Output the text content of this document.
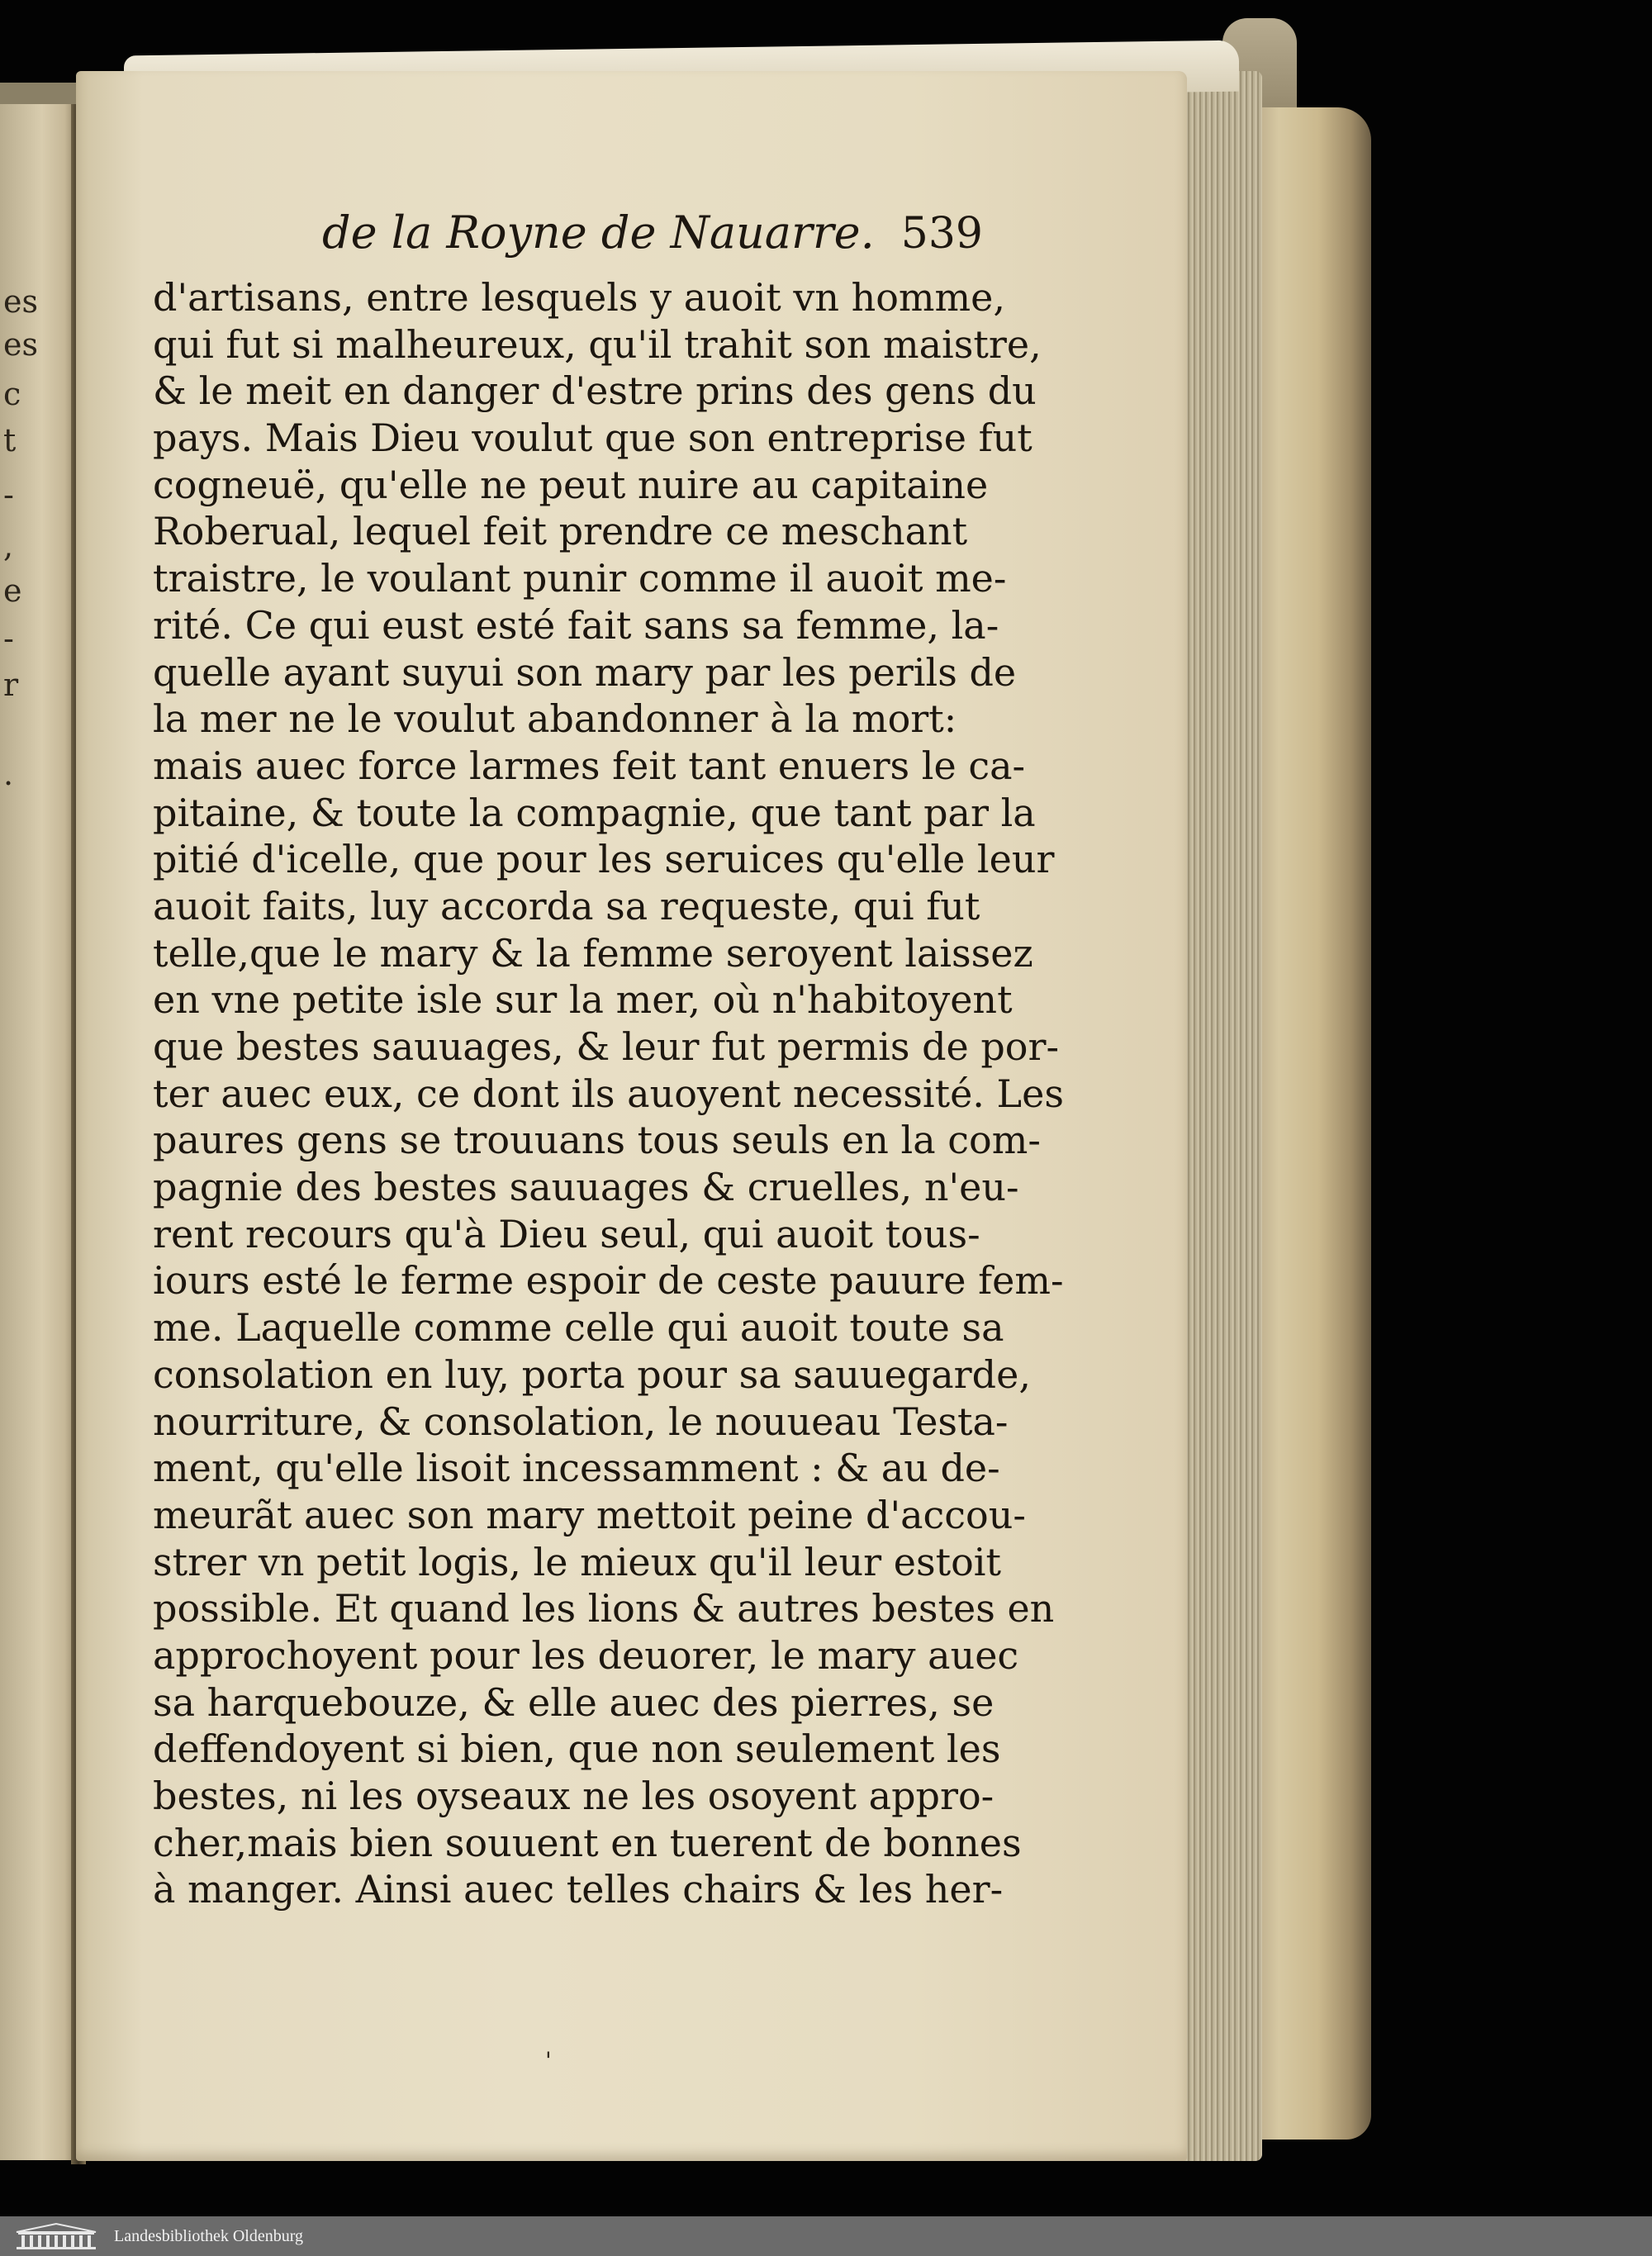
es
es
c
t
-
,
e
-
r
.
de la Royne de Nauarre. 539
d'artisans, entre lesquels y auoit vn homme,
qui fut si malheureux, qu'il trahit son maistre,
& le meit en danger d'estre prins des gens du
pays. Mais Dieu voulut que son entreprise fut
cogneuë, qu'elle ne peut nuire au capitaine
Roberual, lequel feit prendre ce meschant
traistre, le voulant punir comme il auoit me-
rité. Ce qui eust esté fait sans sa femme, la-
quelle ayant suyui son mary par les perils de
la mer ne le voulut abandonner à la mort:
mais auec force larmes feit tant enuers le ca-
pitaine, & toute la compagnie, que tant par la
pitié d'icelle, que pour les seruices qu'elle leur
auoit faits, luy accorda sa requeste, qui fut
telle,que le mary & la femme seroyent laissez
en vne petite isle sur la mer, où n'habitoyent
que bestes sauuages, & leur fut permis de por-
ter auec eux, ce dont ils auoyent necessité. Les
paures gens se trouuans tous seuls en la com-
pagnie des bestes sauuages & cruelles, n'eu-
rent recours qu'à Dieu seul, qui auoit tous-
iours esté le ferme espoir de ceste pauure fem-
me. Laquelle comme celle qui auoit toute sa
consolation en luy, porta pour sa sauuegarde,
nourriture, & consolation, le nouueau Testa-
ment, qu'elle lisoit incessamment : & au de-
meurãt auec son mary mettoit peine d'accou-
strer vn petit logis, le mieux qu'il leur estoit
possible. Et quand les lions & autres bestes en
approchoyent pour les deuorer, le mary auec
sa harquebouze, & elle auec des pierres, se
deffendoyent si bien, que non seulement les
bestes, ni les oyseaux ne les osoyent appro-
cher,mais bien souuent en tuerent de bonnes
à manger. Ainsi auec telles chairs & les her-
'
Landesbibliothek Oldenburg
